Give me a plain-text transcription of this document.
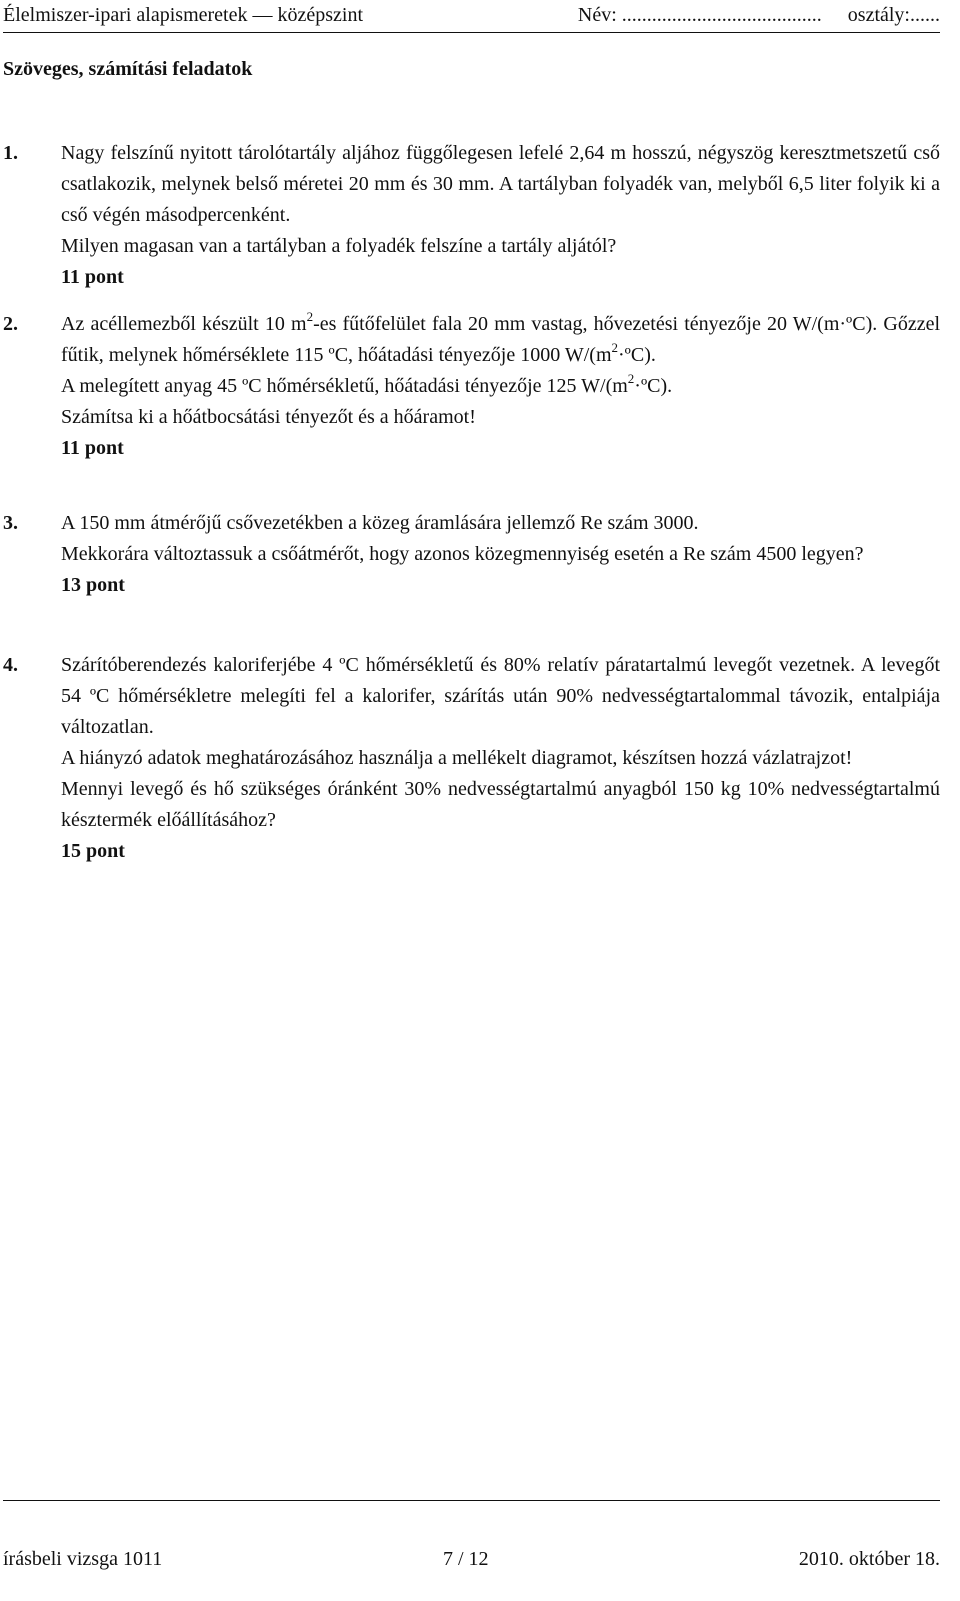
Élelmiszer-ipari alapismeretek — középszint	Név: ........................................ osztály:......
Szöveges, számítási feladatok
1. Nagy felszínű nyitott tárolótartály aljához függőlegesen lefelé 2,64 m hosszú, négyszög keresztmetszetű cső csatlakozik, melynek belső méretei 20 mm és 30 mm. A tartályban folyadék van, melyből 6,5 liter folyik ki a cső végén másodpercenként.

Milyen magasan van a tartályban a folyadék felszíne a tartály aljától?

11 pont

2. Az acéllemezből készült 10 $m^2-es$ fűtőfelület fala 20 mm vastag, hővezetési tényezője 20 W/(m·ºC). Gőzzel fűtik, melynek hőmérséklete 115 ºC, hőátadási tényezője 1000 $W/(m^2\cdot ºC)$.

A melegített anyag 45 ºC hőmérsékletű, hőátadási tényezője 125 $W/(m^2\cdot ºC)$.

Számítsa ki a hőátbocsátási tényezőt és a hőáramot!

11 pont

3. A 150 mm átmérőjű csővezetékben a közeg áramlására jellemző Re szám 3000.

Mekkorára változtassuk a csőátmérőt, hogy azonos közegmennyiség esetén a Re szám 4500 legyen?

13 pont

4. Szárítóberendezés kaloriferjébe 4 ºC hőmérsékletű és 80% relatív páratartalmú levegőt vezetnek. A levegőt 54 ºC hőmérsékletre melegíti fel a kalorifer, szárítás után 90% nedvességtartalommal távozik, entalpiája változatlan.

A hiányzó adatok meghatározásához használja a mellékelt diagramot, készítsen hozzá vázlatrajzot!

Mennyi levegő és hő szükséges óránként 30% nedvességtartalmú anyagból 150 kg 10% nedvességtartalmú késztermék előállításához?

15 pont

írásbeli vizsga 1011	7 / 12	2010. október 18.
